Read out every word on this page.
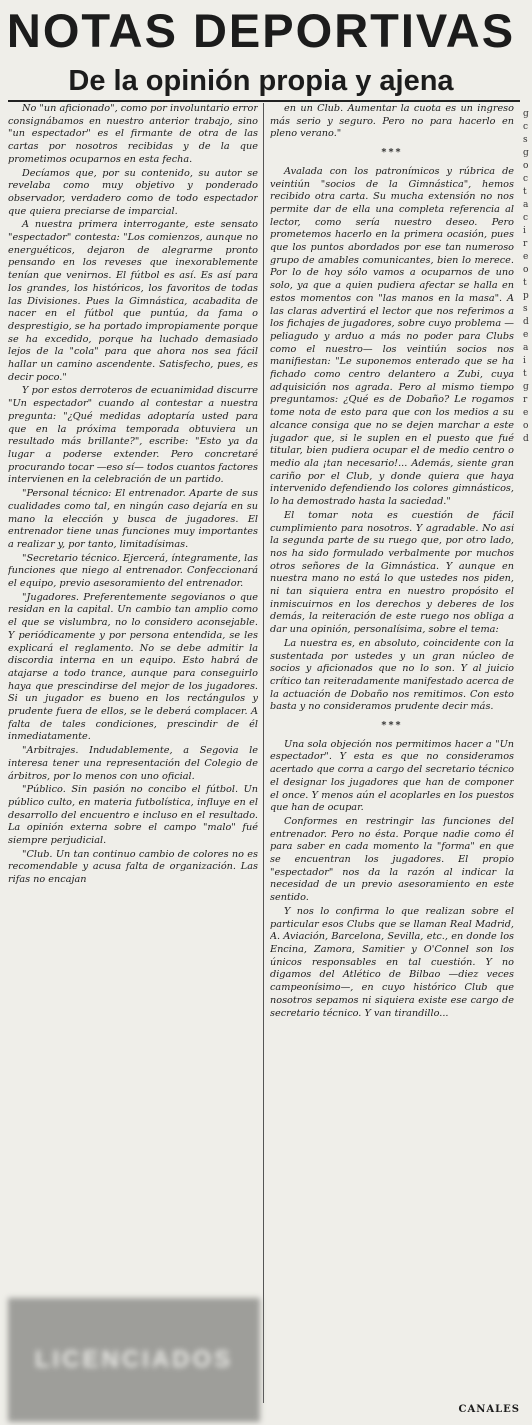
NOTAS DEPORTIVAS
De la opinión propia y ajena

No "un aficionado", como por involuntario error consignábamos en nuestro anterior trabajo, sino "un espectador" es el firmante de otra de las cartas por nosotros recibidas y de la que prometimos ocuparnos en esta fecha.

Decíamos que, por su contenido, su autor se revelaba como muy objetivo y ponderado observador, verdadero como de todo espectador que quiera preciarse de imparcial.

A nuestra primera interrogante, este sensato "espectador" contesta: "Los comienzos, aunque no energuéticos, dejaron de alegrarme pronto pensando en los reveses que inexorablemente tenían que venirnos. El fútbol es así. Es así para los grandes, los históricos, los favoritos de todas las Divisiones. Pues la Gimnástica, acabadita de nacer en el fútbol que puntúa, da fama o desprestigio, se ha portado impropiamente porque se ha excedido, porque ha luchado demasiado lejos de la "cola" para que ahora nos sea fácil hallar un camino ascendente. Satisfecho, pues, es decir poco."

Y por estos derroteros de ecuanimidad discurre "Un espectador" cuando al contestar a nuestra pregunta: "¿Qué medidas adoptaría usted para que en la próxima temporada obtuviera un resultado más brillante?", escribe: "Esto ya da lugar a poderse extender. Pero concretaré procurando tocar —eso sí— todos cuantos factores intervienen en la celebración de un partido.

"Personal técnico: El entrenador. Aparte de sus cualidades como tal, en ningún caso dejaría en su mano la elección y busca de jugadores. El entrenador tiene unas funciones muy importantes a realizar y, por tanto, limitadísimas.

"Secretario técnico. Ejercerá, íntegramente, las funciones que niego al entrenador. Confeccionará el equipo, previo asesoramiento del entrenador.

"Jugadores. Preferentemente segovianos o que residan en la capital. Un cambio tan amplio como el que se vislumbra, no lo considero aconsejable. Y periódicamente y por persona entendida, se les explicará el reglamento. No se debe admitir la discordia interna en un equipo. Esto habrá de atajarse a todo trance, aunque para conseguirlo haya que prescindirse del mejor de los jugadores. Si un jugador es bueno en los rectángulos y prudente fuera de ellos, se le deberá complacer. A falta de tales condiciones, prescindir de él inmediatamente.

"Arbitrajes. Indudablemente, a Segovia le interesa tener una representación del Colegio de árbitros, por lo menos con uno oficial.

"Público. Sin pasión no concibo el fútbol. Un público culto, en materia futbolística, influye en el desarrollo del encuentro e incluso en el resultado. La opinión externa sobre el campo "malo" fué siempre perjudicial.

"Club. Un tan continuo cambio de colores no es recomendable y acusa falta de organización. Las rifas no encajan

en un Club. Aumentar la cuota es un ingreso más serio y seguro. Pero no para hacerlo en pleno verano."

***

Avalada con los patronímicos y rúbrica de veintiún "socios de la Gimnástica", hemos recibido otra carta. Su mucha extensión no nos permite dar de ella una completa referencia al lector, como sería nuestro deseo. Pero prometemos hacerlo en la primera ocasión, pues que los puntos abordados por ese tan numeroso grupo de amables comunicantes, bien lo merece. Por lo de hoy sólo vamos a ocuparnos de uno solo, ya que a quien pudiera afectar se halla en estos momentos con "las manos en la masa". A las claras advertirá el lector que nos referimos a los fichajes de jugadores, sobre cuyo problema —peliagudo y arduo a más no poder para Clubs como el nuestro— los veintiún socios nos manifiestan: "Le suponemos enterado que se ha fichado como centro delantero a Zubi, cuya adquisición nos agrada. Pero al mismo tiempo preguntamos: ¿Qué es de Dobaño? Le rogamos tome nota de esto para que con los medios a su alcance consiga que no se dejen marchar a este jugador que, si le suplen en el puesto que fué titular, bien pudiera ocupar el de medio centro o medio ala ¡tan necesario!... Además, siente gran cariño por el Club, y donde quiera que haya intervenido defendiendo los colores gimnásticos, lo ha demostrado hasta la saciedad."

El tomar nota es cuestión de fácil cumplimiento para nosotros. Y agradable. No así la segunda parte de su ruego que, por otro lado, nos ha sido formulado verbalmente por muchos otros señores de la Gimnástica. Y aunque en nuestra mano no está lo que ustedes nos piden, ni tan siquiera entra en nuestro propósito el inmiscuirnos en los derechos y deberes de los demás, la reiteración de este ruego nos obliga a dar una opinión, personalísima, sobre el tema:

La nuestra es, en absoluto, coincidente con la sustentada por ustedes y un gran núcleo de socios y aficionados que no lo son. Y al juicio crítico tan reiteradamente manifestado acerca de la actuación de Dobaño nos remitimos. Con esto basta y no consideramos prudente decir más.

***

Una sola objeción nos permitimos hacer a "Un espectador". Y esta es que no consideramos acertado que corra a cargo del secretario técnico el designar los jugadores que han de componer el once. Y menos aún el acoplarles en los puestos que han de ocupar.

Conformes en restringir las funciones del entrenador. Pero no ésta. Porque nadie como él para saber en cada momento la "forma" en que se encuentran los jugadores. El propio "espectador" nos da la razón al indicar la necesidad de un previo asesoramiento en este sentido.

Y nos lo confirma lo que realizan sobre el particular esos Clubs que se llaman Real Madrid, A. Aviación, Barcelona, Sevilla, etc., en donde los Encina, Zamora, Samitier y O'Connel son los únicos responsables en tal cuestión. Y no digamos del Atlético de Bilbao —diez veces campeonísimo—, en cuyo histórico Club que nosotros sepamos ni siquiera existe ese cargo de secretario técnico. Y van tirandillo...

LICENCIADOS
CANALES
g c s g o c t a c i r e o t p s d e a i t g r e o d
